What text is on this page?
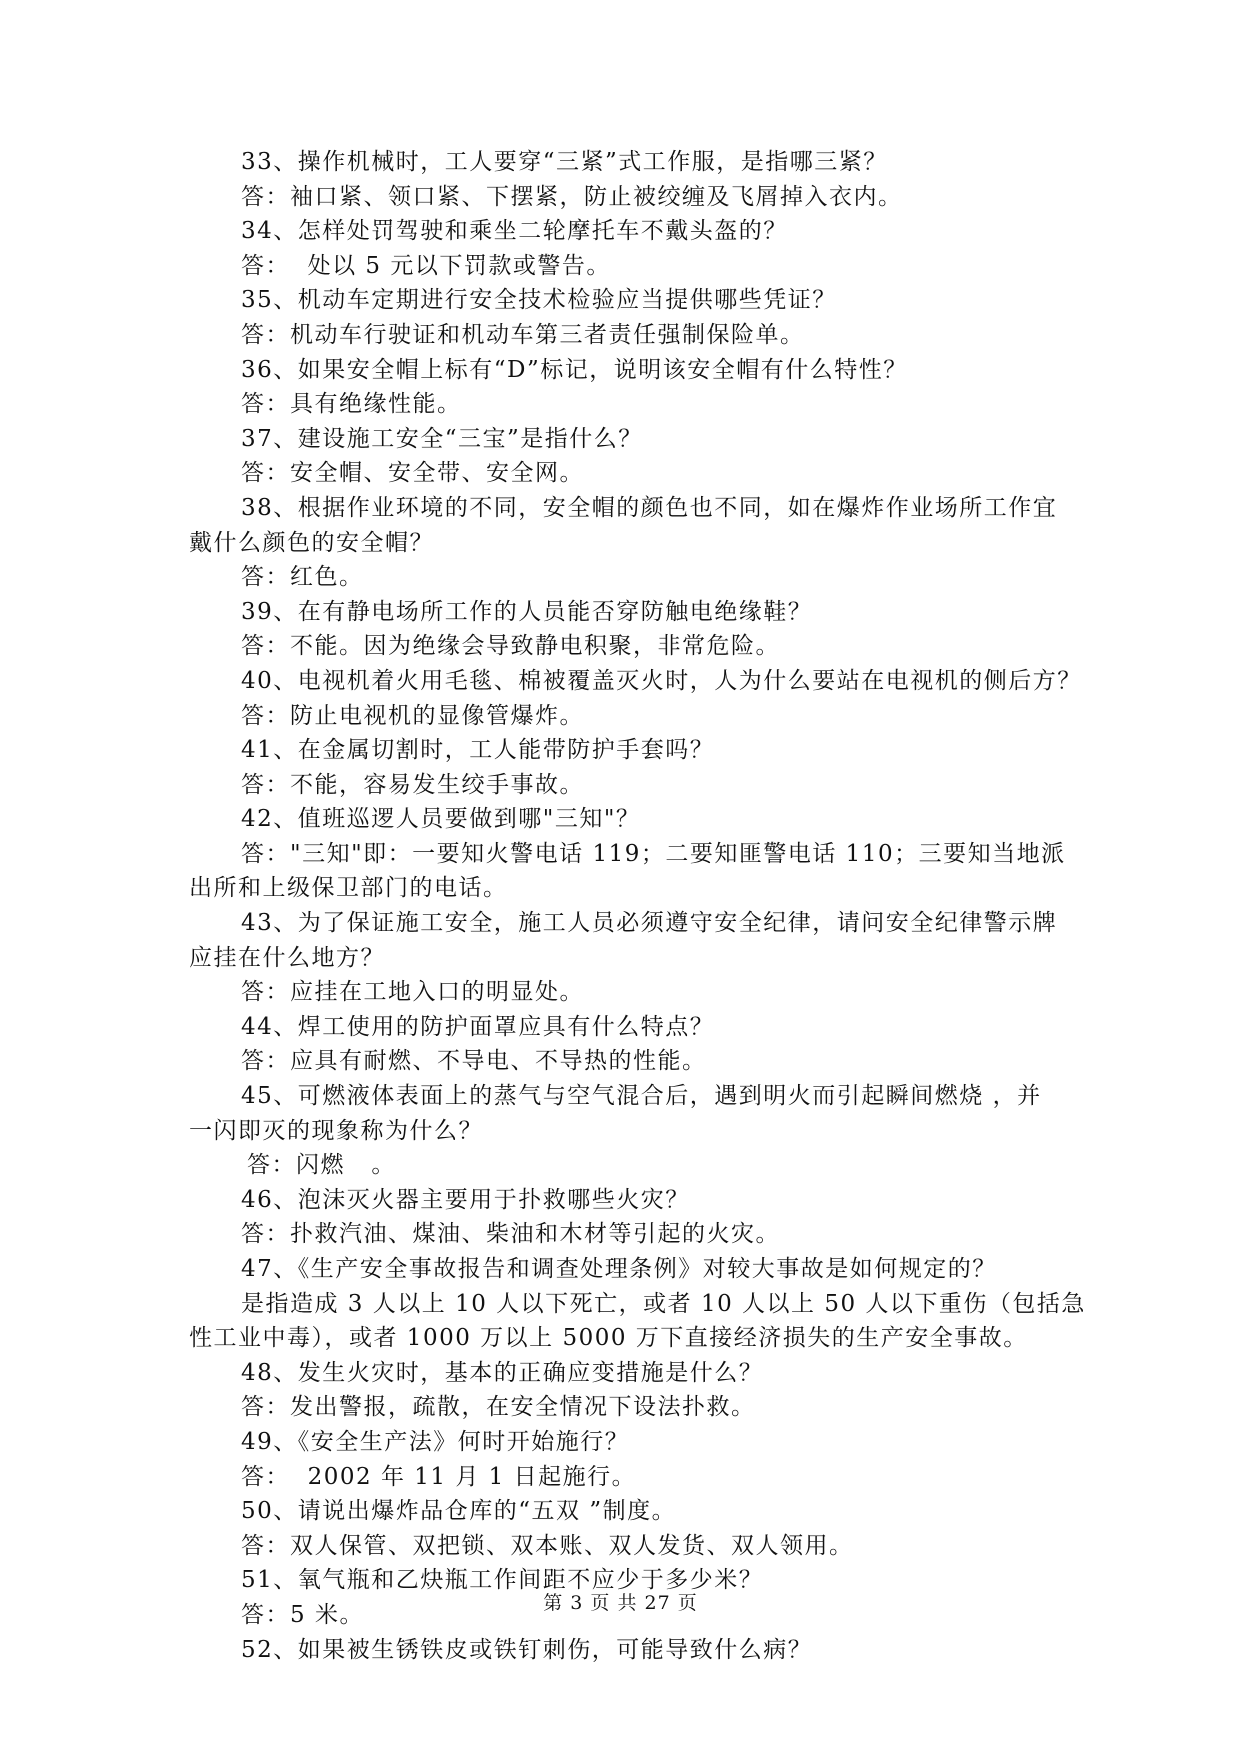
33、操作机械时，工人要穿“三紧”式工作服，是指哪三紧？
答：袖口紧、领口紧、下摆紧，防止被绞缠及飞屑掉入衣内。
34、怎样处罚驾驶和乘坐二轮摩托车不戴头盔的？
答：  处以 5 元以下罚款或警告。
35、机动车定期进行安全技术检验应当提供哪些凭证？
答：机动车行驶证和机动车第三者责任强制保险单。
36、如果安全帽上标有“D”标记，说明该安全帽有什么特性？
答：具有绝缘性能。
37、建设施工安全“三宝”是指什么？
答：安全帽、安全带、安全网。
38、根据作业环境的不同，安全帽的颜色也不同，如在爆炸作业场所工作宜
戴什么颜色的安全帽？
答：红色。
39、在有静电场所工作的人员能否穿防触电绝缘鞋？
答：不能。因为绝缘会导致静电积聚，非常危险。
40、电视机着火用毛毯、棉被覆盖灭火时，人为什么要站在电视机的侧后方？
答：防止电视机的显像管爆炸。
41、在金属切割时，工人能带防护手套吗？
答：不能，容易发生绞手事故。
42、值班巡逻人员要做到哪"三知"？
答："三知"即：一要知火警电话 119；二要知匪警电话 110；三要知当地派
出所和上级保卫部门的电话。
43、为了保证施工安全，施工人员必须遵守安全纪律，请问安全纪律警示牌
应挂在什么地方？
答：应挂在工地入口的明显处。
44、焊工使用的防护面罩应具有什么特点？
答：应具有耐燃、不导电、不导热的性能。
45、可燃液体表面上的蒸气与空气混合后，遇到明火而引起瞬间燃烧 ，并
一闪即灭的现象称为什么？
答：闪燃   。
46、泡沫灭火器主要用于扑救哪些火灾？
答：扑救汽油、煤油、柴油和木材等引起的火灾。
47、《生产安全事故报告和调查处理条例》对较大事故是如何规定的？
是指造成 3 人以上 10 人以下死亡，或者 10 人以上 50 人以下重伤（包括急
性工业中毒），或者 1000 万以上 5000 万下直接经济损失的生产安全事故。
48、发生火灾时，基本的正确应变措施是什么？
答：发出警报，疏散，在安全情况下设法扑救。
49、《安全生产法》何时开始施行？
答：  2002 年 11 月 1 日起施行。
50、请说出爆炸品仓库的“五双 ”制度。
答：双人保管、双把锁、双本账、双人发货、双人领用。
51、氧气瓶和乙炔瓶工作间距不应少于多少米？
答：5 米。
52、如果被生锈铁皮或铁钉刺伤，可能导致什么病？
第 3 页 共 27 页
